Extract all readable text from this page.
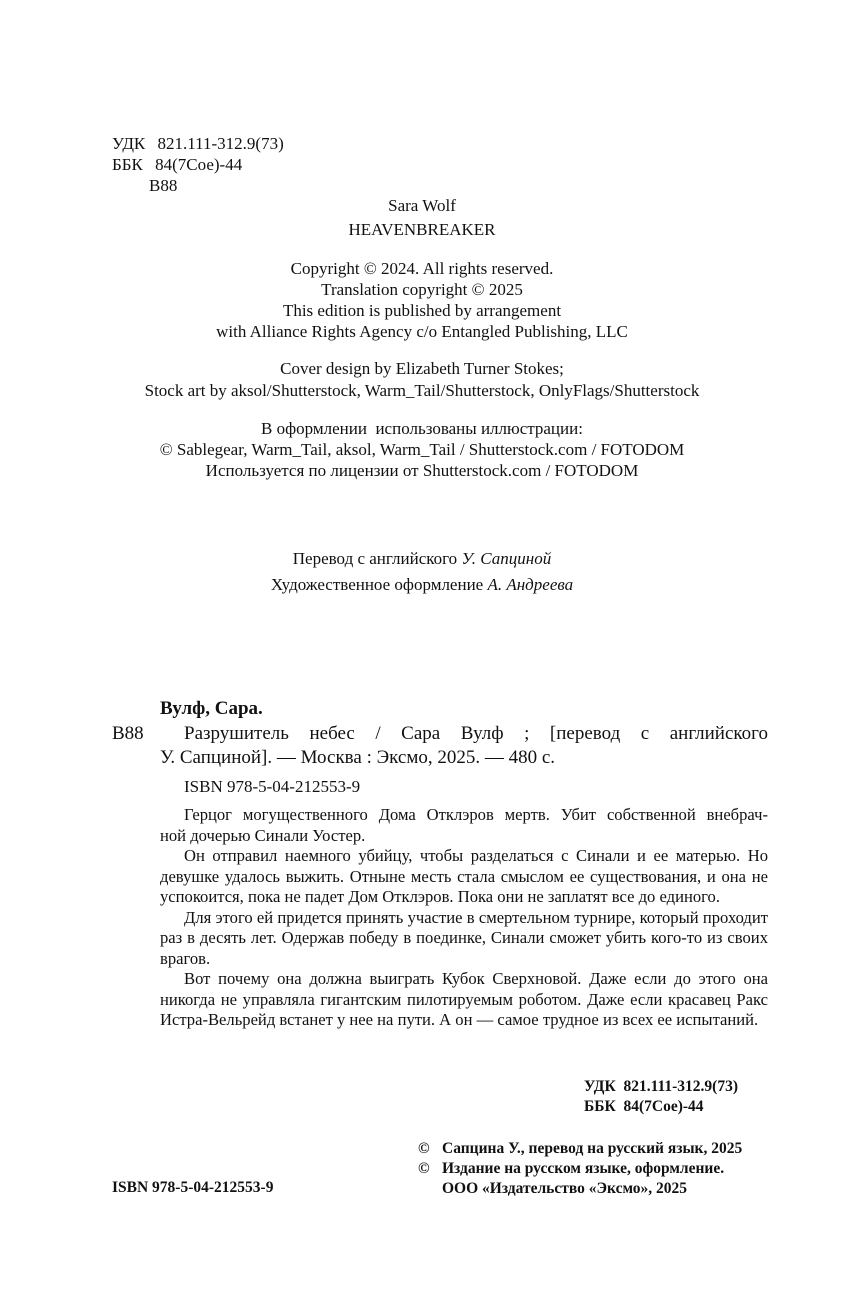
УДК 821.111-312.9(73)
ББК 84(7Сое)-44
В88
Sara Wolf
HEAVENBREAKER
Copyright © 2024. All rights reserved.
Translation copyright © 2025
This edition is published by arrangement
with Alliance Rights Agency c/o Entangled Publishing, LLC
Cover design by Elizabeth Turner Stokes;
Stock art by aksol/Shutterstock, Warm_Tail/Shutterstock, OnlyFlags/Shutterstock
В оформлении  использованы иллюстрации:
© Sablegear, Warm_Tail, aksol, Warm_Tail / Shutterstock.com / FOTODOM
Используется по лицензии от Shutterstock.com / FOTODOM
Перевод с английского У. Сапциной
Художественное оформление А. Андреева
Вулф, Сара.
В88	Разрушитель небес / Сара Вулф ; [перевод с английского
У. Сапциной]. — Москва : Эксмо, 2025. — 480 с.
ISBN 978-5-04-212553-9
Герцог могущественного Дома Отклэров мертв. Убит собственной внебрач-
ной дочерью Синали Уостер.
Он отправил наемного убийцу, чтобы разделаться с Синали и ее матерью. Но девушке удалось выжить. Отныне месть стала смыслом ее существования, и она не успокоится, пока не падет Дом Отклэров. Пока они не заплатят все до единого.
Для этого ей придется принять участие в смертельном турнире, который проходит раз в десять лет. Одержав победу в поединке, Синали сможет убить кого-то из своих врагов.
Вот почему она должна выиграть Кубок Сверхновой. Даже если до этого она никогда не управляла гигантским пилотируемым роботом. Даже если красавец Ракс Истра-Вельрейд встанет у нее на пути. А он — самое трудное из всех ее испытаний.
УДК  821.111-312.9(73)
ББК  84(7Сое)-44
ISBN 978-5-04-212553-9
© Сапцина У., перевод на русский язык, 2025
© Издание на русском языке, оформление.
ООО «Издательство «Эксмо», 2025
